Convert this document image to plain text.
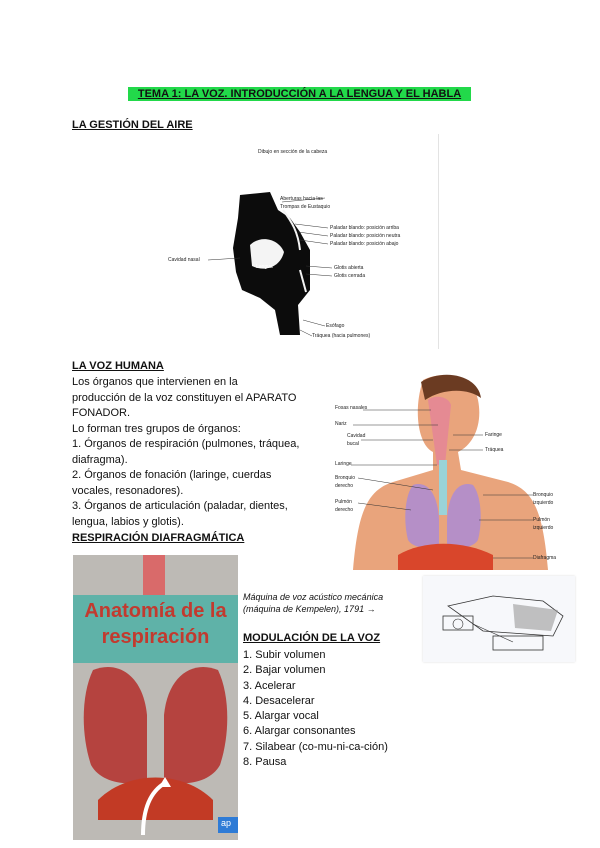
TEMA 1: LA VOZ. INTRODUCCIÓN A LA LENGUA Y EL HABLA
LA GESTIÓN DEL AIRE
Dibujo en sección de la cabeza
Aberturas hacia las
Trompas de Eustaquio
Paladar blando: posición arriba
Paladar blando: posición neutra
Paladar blando: posición abajo
Cavidad nasal
Lengua	Glotis abierta
Glotis cerrada
Esófago
Tráquea (hacia pulmones)
LA VOZ HUMANA
Los órganos que intervienen en la
producción de la voz constituyen el APARATO
FONADOR.
Lo forman tres grupos de órganos:
1. Órganos de respiración (pulmones, tráquea,
diafragma).
2. Órganos de fonación (laringe, cuerdas
vocales, resonadores).
3. Órganos de articulación (paladar, dientes,
lengua, labios y glotis).
Fosas nasales
Nariz
Cavidad bucal
Laringe
Bronquio derecho
Pulmón derecho
Faringe
Tráquea
Bronquio izquierdo
Pulmón izquierdo
Diafragma
RESPIRACIÓN DIAFRAGMÁTICA
Anatomía de la
respiración
ap
Máquina de voz acústico mecánica
(máquina de Kempelen), 1791 →
MODULACIÓN DE LA VOZ
1. Subir volumen
2. Bajar volumen
3. Acelerar
4. Desacelerar
5. Alargar vocal
6. Alargar consonantes
7. Silabear (co-mu-ni-ca-ción)
8. Pausa
